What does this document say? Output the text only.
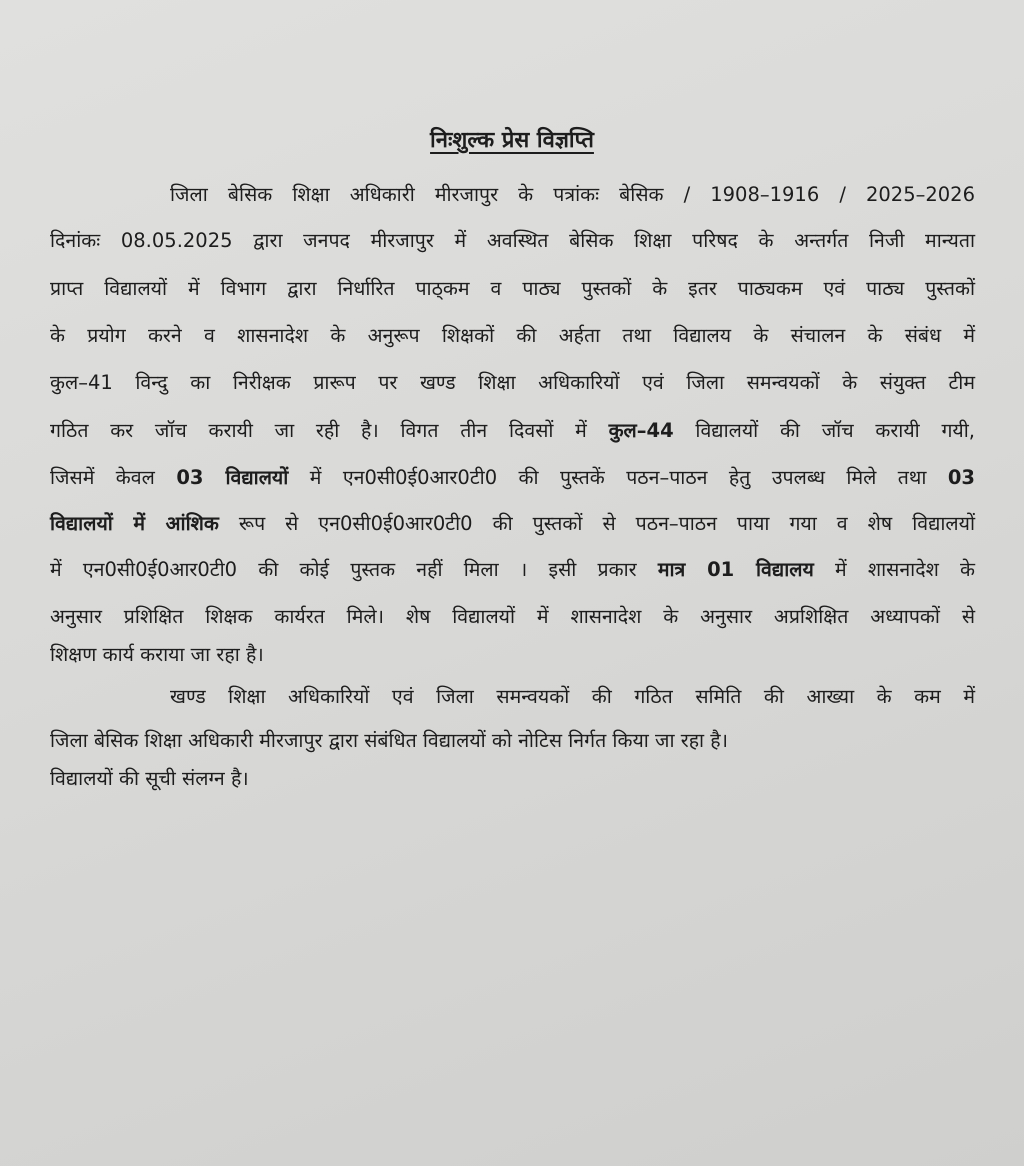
निःशुल्क प्रेस विज्ञप्ति
जिला बेसिक शिक्षा अधिकारी मीरजापुर के पत्रांकः बेसिक / 1908–1916 / 2025–2026
दिनांकः 08.05.2025 द्वारा जनपद मीरजापुर में अवस्थित बेसिक शिक्षा परिषद के अन्तर्गत निजी मान्यता
प्राप्त विद्यालयों में विभाग द्वारा निर्धारित पाठ्कम व पाठ्य पुस्तकों के इतर पाठ्यकम एवं पाठ्य पुस्तकों
के प्रयोग करने व शासनादेश के अनुरूप शिक्षकों की अर्हता तथा विद्यालय के संचालन के संबंध में
कुल–41 विन्दु का निरीक्षक प्रारूप पर खण्ड शिक्षा अधिकारियों एवं जिला समन्वयकों के संयुक्त टीम
गठित कर जॉच करायी जा रही है। विगत तीन दिवसों में कुल–44 विद्यालयों की जॉच करायी गयी,
जिसमें केवल 03 विद्यालयों में एन0सी0ई0आर0टी0 की पुस्तकें पठन–पाठन हेतु उपलब्ध मिले तथा 03
विद्यालयों में आंशिक रूप से एन0सी0ई0आर0टी0 की पुस्तकों से पठन–पाठन पाया गया व शेष विद्यालयों
में एन0सी0ई0आर0टी0 की कोई पुस्तक नहीं मिला । इसी प्रकार मात्र 01 विद्यालय में शासनादेश के
अनुसार प्रशिक्षित शिक्षक कार्यरत मिले। शेष विद्यालयों में शासनादेश के अनुसार अप्रशिक्षित अध्यापकों से
शिक्षण कार्य कराया जा रहा है।
खण्ड शिक्षा अधिकारियों एवं जिला समन्वयकों की गठित समिति की आख्या के कम में
जिला बेसिक शिक्षा अधिकारी मीरजापुर द्वारा संबंधित विद्यालयों को नोटिस निर्गत किया जा रहा है।
विद्यालयों की सूची संलग्न है।
